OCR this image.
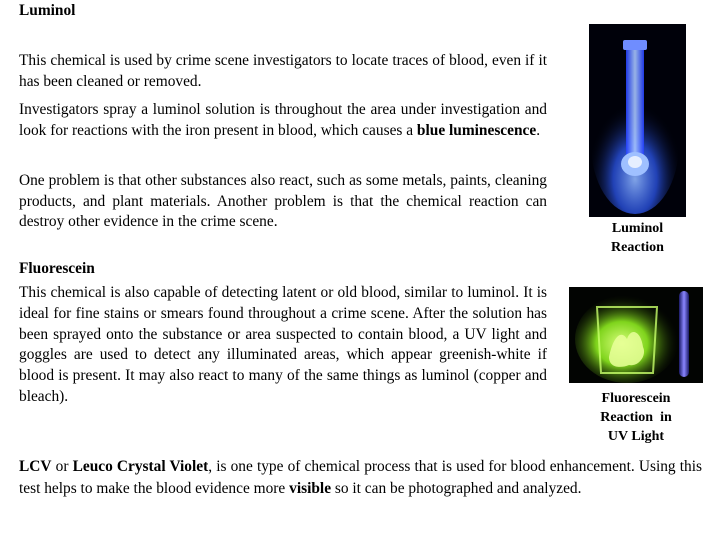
Luminol

This chemical is used by crime scene investigators to locate traces of blood, even if it has been cleaned or removed.

Investigators spray a luminol solution is throughout the area under investigation and look for reactions with the iron present in blood, which causes a blue luminescence.

One problem is that other substances also react, such as some metals, paints, cleaning products, and plant materials. Another problem is that the chemical reaction can destroy other evidence in the crime scene.	Luminol
Reaction
Fluorescein

This chemical is also capable of detecting latent or old blood, similar to luminol. It is ideal for fine stains or smears found throughout a crime scene. After the solution has been sprayed onto the substance or area suspected to contain blood, a UV light and goggles are used to detect any illuminated areas, which appear greenish-white if blood is present. It may also react to many of the same things as luminol (copper and bleach).	Fluorescein
Reaction  in
UV Light

LCV or Leuco Crystal Violet, is one type of chemical process that is used for blood enhancement. Using this test helps to make the blood evidence more visible so it can be photographed and analyzed.
